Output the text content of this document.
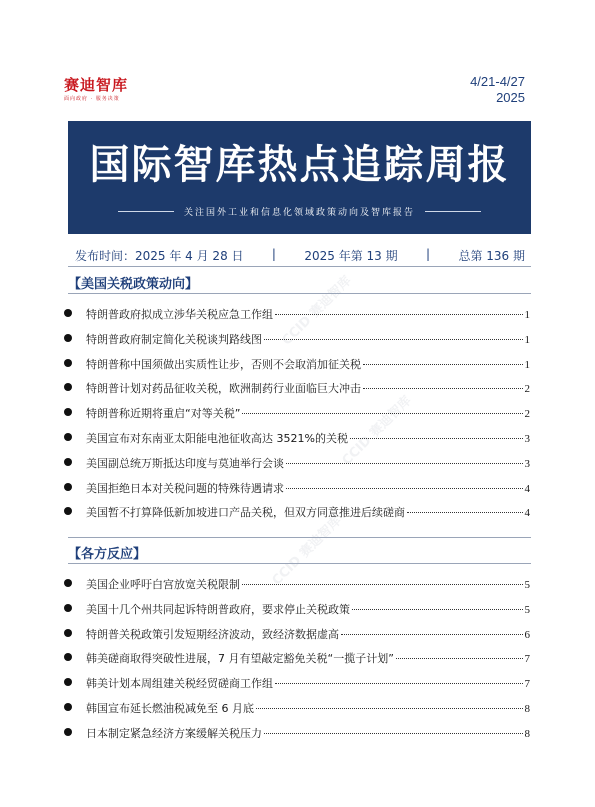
CCID 赛迪智库
CCID 赛迪智库
CCID 赛迪智库
赛迪智库
面向政府 · 服务决策
4/21-4/27
2025
国际智库热点追踪周报
关注国外工业和信息化领域政策动向及智库报告
发布时间：2025 年 4 月 28 日 | 2025 年第 13 期 | 总第 136 期
【美国关税政策动向】
特朗普政府拟成立涉华关税应急工作组	1
特朗普政府制定简化关税谈判路线图	1
特朗普称中国须做出实质性让步，否则不会取消加征关税	1
特朗普计划对药品征收关税，欧洲制药行业面临巨大冲击	2
特朗普称近期将重启“对等关税”	2
美国宣布对东南亚太阳能电池征收高达 3521%的关税	3
美国副总统万斯抵达印度与莫迪举行会谈	3
美国拒绝日本对关税问题的特殊待遇请求	4
美国暂不打算降低新加坡进口产品关税，但双方同意推进后续磋商	4
【各方反应】
美国企业呼吁白宫放宽关税限制	5
美国十几个州共同起诉特朗普政府，要求停止关税政策	5
特朗普关税政策引发短期经济波动，致经济数据虚高	6
韩美磋商取得突破性进展，7 月有望敲定豁免关税“一揽子计划”	7
韩美计划本周组建关税经贸磋商工作组	7
韩国宣布延长燃油税减免至 6 月底	8
日本制定紧急经济方案缓解关税压力	8
